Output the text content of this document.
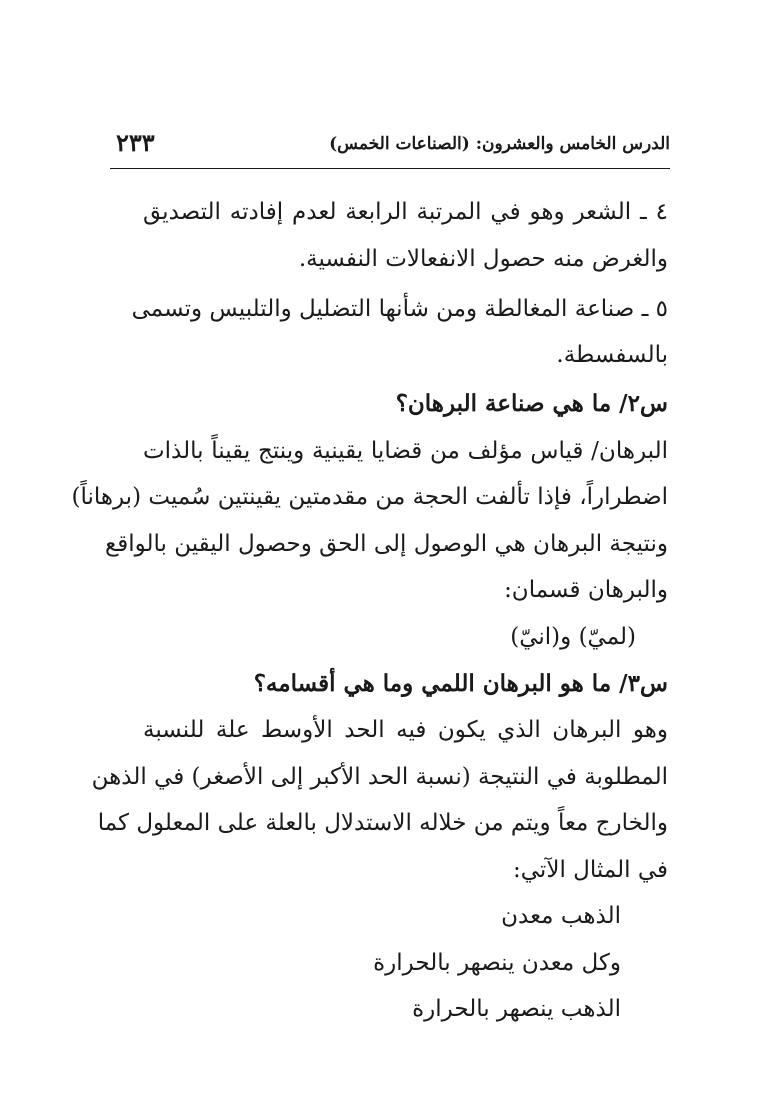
الدرس الخامس والعشرون: (الصناعات الخمس)
٢٣٣
٤ ـ الشعر وهو في المرتبة الرابعة لعدم إفادته التصديق
والغرض منه حصول الانفعالات النفسية.
٥ ـ صناعة المغالطة ومن شأنها التضليل والتلبيس وتسمى
بالسفسطة.
س٢/ ما هي صناعة البرهان؟
البرهان/ قياس مؤلف من قضايا يقينية وينتج يقيناً بالذات
اضطراراً، فإذا تألفت الحجة من مقدمتين يقينتين سُميت (برهاناً)
ونتيجة البرهان هي الوصول إلى الحق وحصول اليقين بالواقع
والبرهان قسمان:
(لميّ) و(انيّ)
س٣/ ما هو البرهان اللمي وما هي أقسامه؟
وهو البرهان الذي يكون فيه الحد الأوسط علة للنسبة
المطلوبة في النتيجة (نسبة الحد الأكبر إلى الأصغر) في الذهن
والخارج معاً ويتم من خلاله الاستدلال بالعلة على المعلول كما
في المثال الآتي:
الذهب معدن
وكل معدن ينصهر بالحرارة
الذهب ينصهر بالحرارة
